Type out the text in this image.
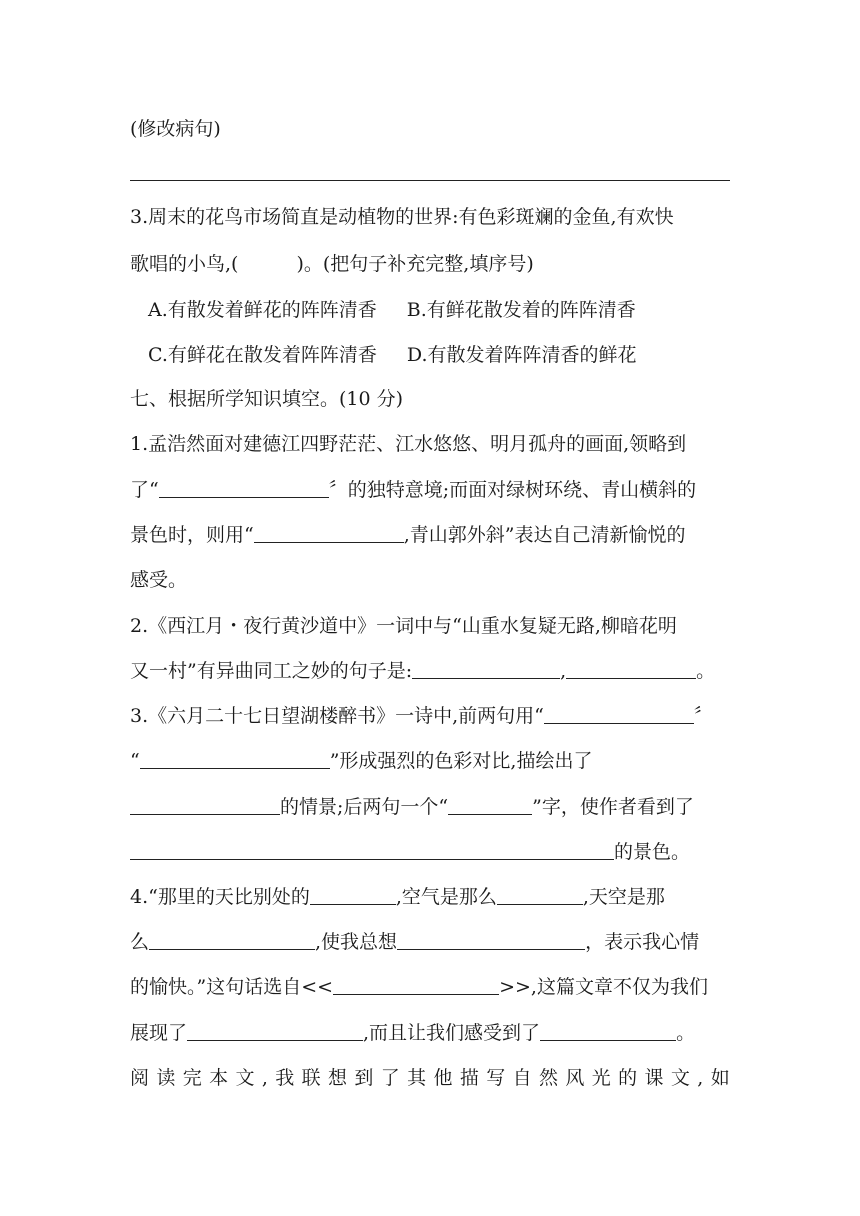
(修改病句)
3.周末的花鸟市场简直是动植物的世界:有色彩斑斓的金鱼,有欢快
歌唱的小鸟,(	)。(把句子补充完整,填序号)
A.有散发着鲜花的阵阵清香 B.有鲜花散发着的阵阵清香
C.有鲜花在散发着阵阵清香 D.有散发着阵阵清香的鲜花
七、根据所学知识填空。(10 分)
1.孟浩然面对建德江四野茫茫、江水悠悠、明月孤舟的画面,领略到
了“	〞的独特意境;而面对绿树环绕、青山横斜的
景色时，则用“	,青山郭外斜”表达自己清新愉悦的
感受。
2.《西江月・夜行黄沙道中》一词中与“山重水复疑无路,柳暗花明
又一村”有异曲同工之妙的句子是:	,	。
3.《六月二十七日望湖楼醉书》一诗中,前两句用“	〞
“	”形成强烈的色彩对比,描绘出了
的情景;后两句一个“	”字，使作者看到了
的景色。
4.“那里的天比别处的	,空气是那么	,天空是那
么	,使我总想	，表示我心情
的愉快。”这句话选自<<	>>,这篇文章不仅为我们
展现了	,而且让我们感受到了	。
阅 读 完 本 文 , 我 联 想 到 了 其 他 描 写 自 然 风 光 的 课 文 , 如
